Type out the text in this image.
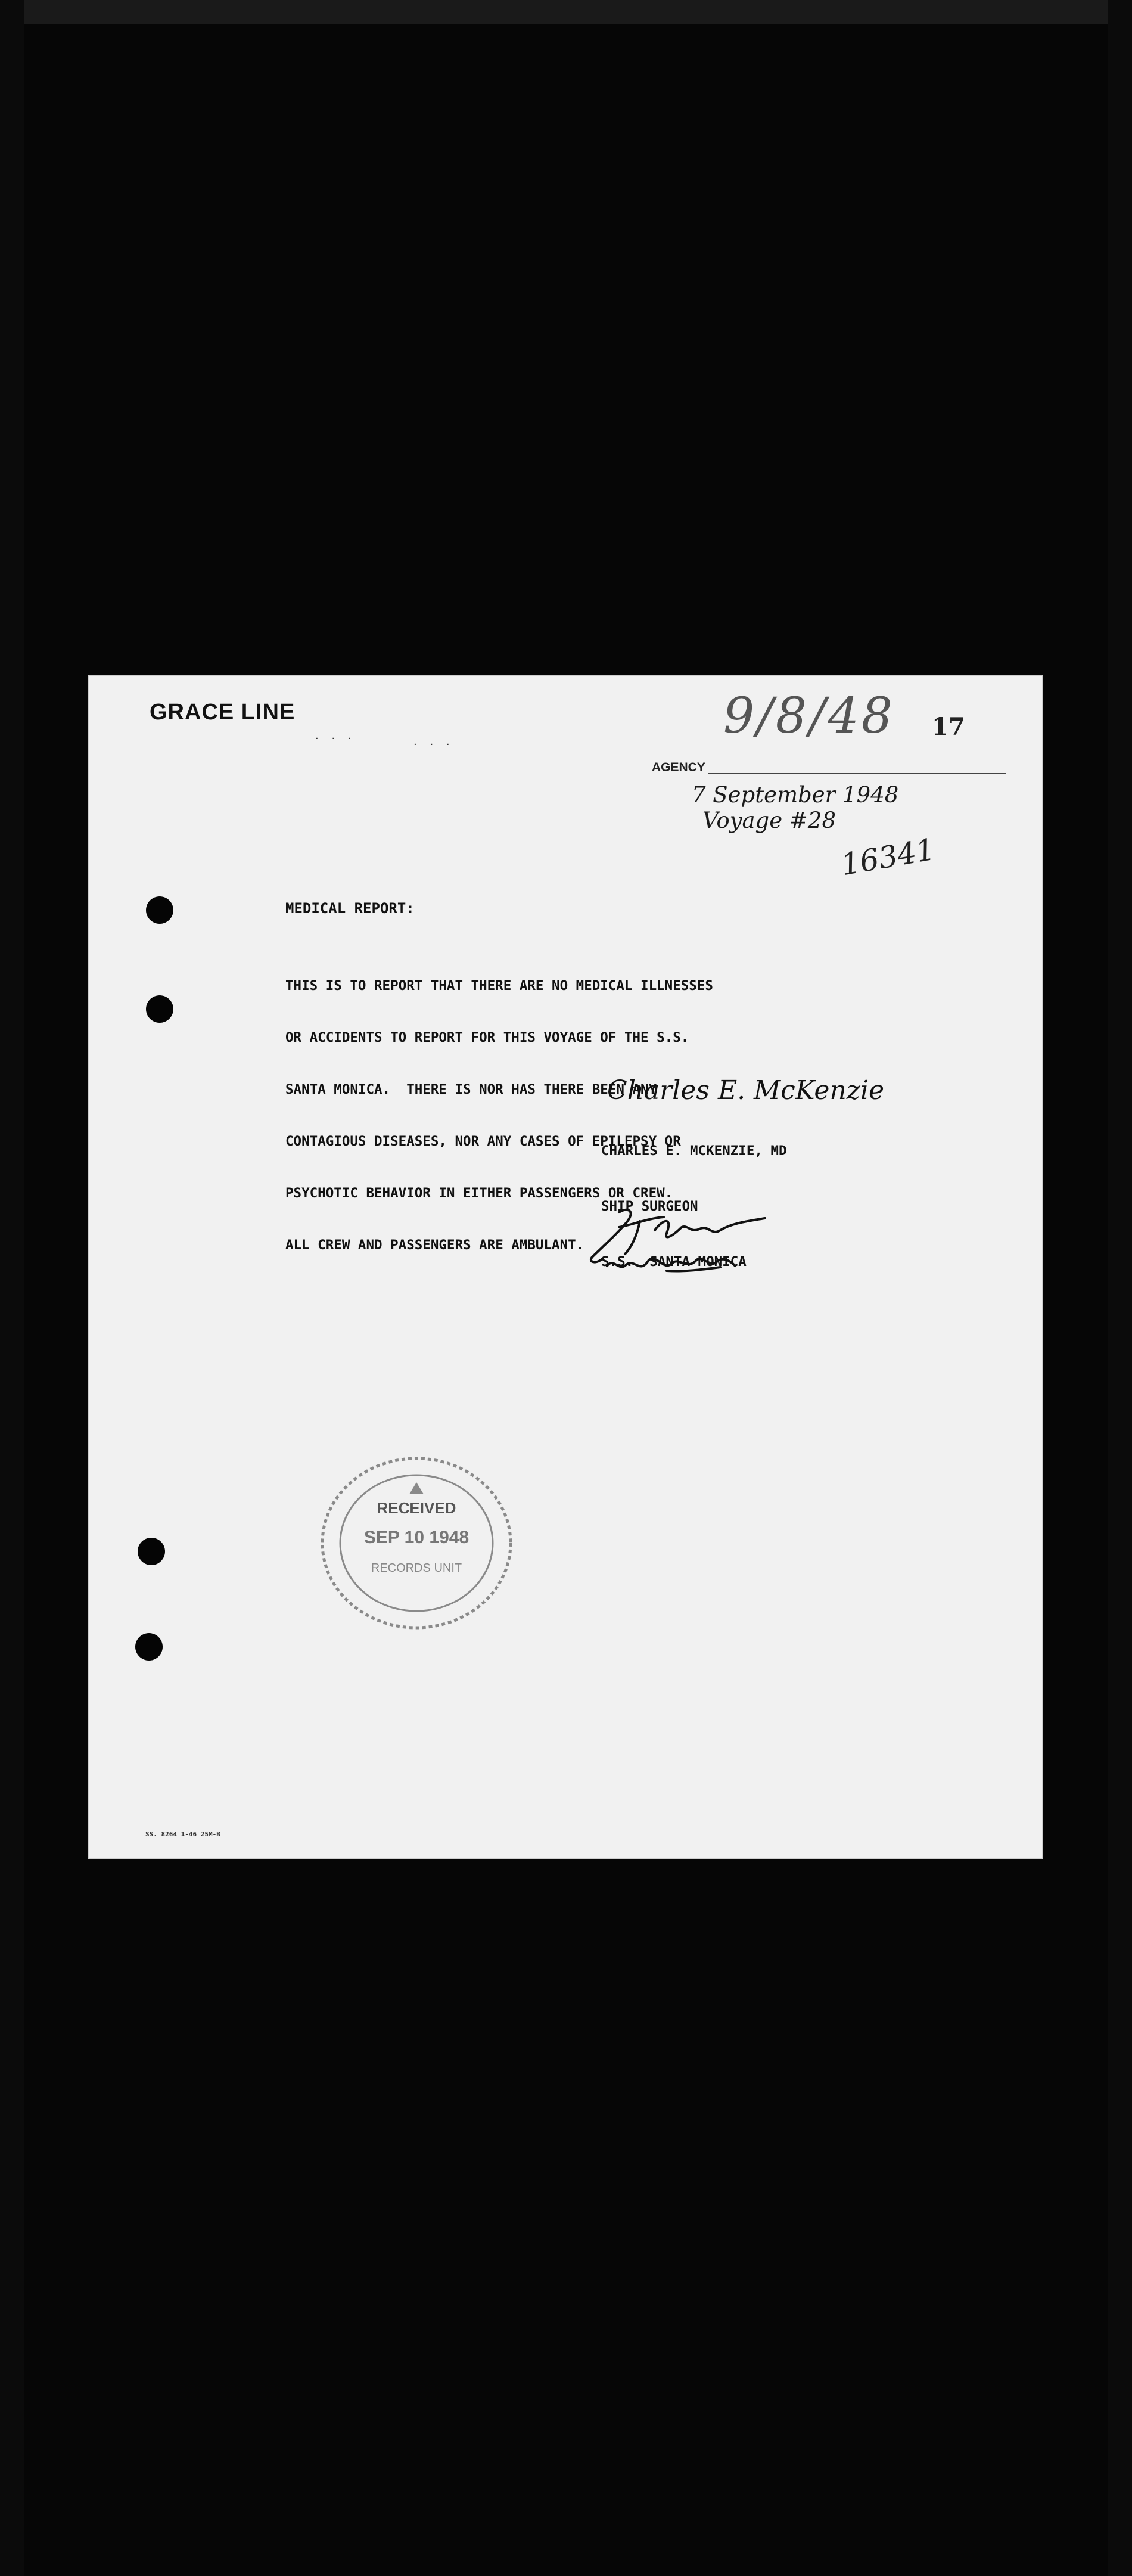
GRACE LINE
· · ·	· · ·
9/8/48 17
AGENCY
7 September 1948
Voyage #28
16341
MEDICAL REPORT:

THIS IS TO REPORT THAT THERE ARE NO MEDICAL ILLNESSES

OR ACCIDENTS TO REPORT FOR THIS VOYAGE OF THE S.S.

SANTA MONICA.  THERE IS NOR HAS THERE BEEN ANY

CONTAGIOUS DISEASES, NOR ANY CASES OF EPILEPSY OR

PSYCHOTIC BEHAVIOR IN EITHER PASSENGERS OR CREW.

ALL CREW AND PASSENGERS ARE AMBULANT.

Charles E. McKenzie

CHARLES E. MCKENZIE, MD

SHIP SURGEON

S.S.  SANTA MONICA

RECEIVED
SEP 10 1948
RECORDS UNIT
SS. 8264 1-46 25M-B
